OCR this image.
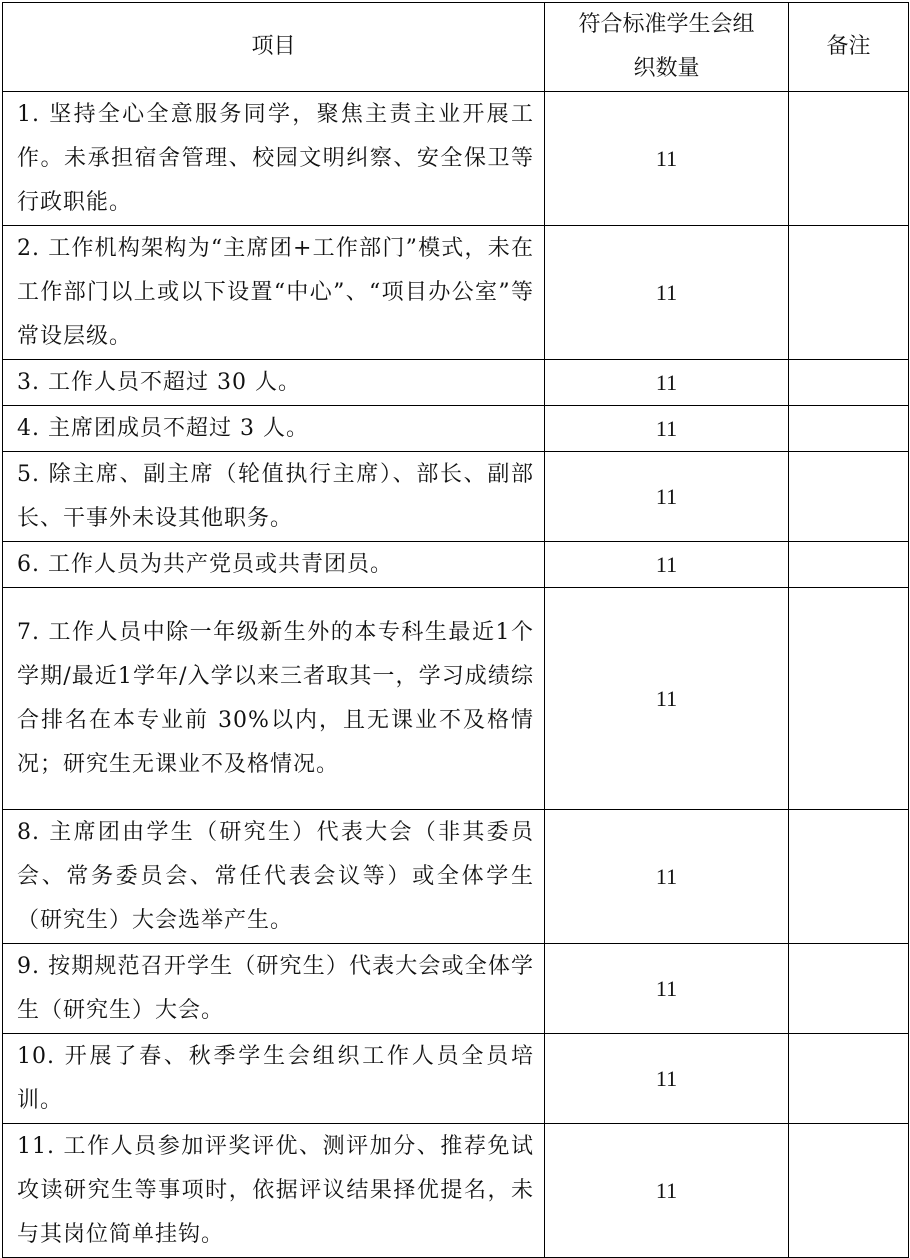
项目	符合标准学生会组织数量	备注

1. 坚持全心全意服务同学，聚焦主责主业开展工作。未承担宿舍管理、校园文明纠察、安全保卫等行政职能。	11	

2. 工作机构架构为“主席团+工作部门”模式，未在工作部门以上或以下设置“中心”、“项目办公室”等常设层级。	11	

3. 工作人员不超过 30 人。	11	

4. 主席团成员不超过 3 人。	11	

5. 除主席、副主席（轮值执行主席）、部长、副部长、干事外未设其他职务。	11	

6. 工作人员为共产党员或共青团员。	11	

7. 工作人员中除一年级新生外的本专科生最近1个学期/最近1学年/入学以来三者取其一，学习成绩综合排名在本专业前 30%以内，且无课业不及格情况；研究生无课业不及格情况。	11	

8. 主席团由学生（研究生）代表大会（非其委员会、常务委员会、常任代表会议等）或全体学生（研究生）大会选举产生。	11	

9. 按期规范召开学生（研究生）代表大会或全体学生（研究生）大会。	11	

10. 开展了春、秋季学生会组织工作人员全员培训。	11	

11. 工作人员参加评奖评优、测评加分、推荐免试攻读研究生等事项时，依据评议结果择优提名，未与其岗位简单挂钩。	11	
